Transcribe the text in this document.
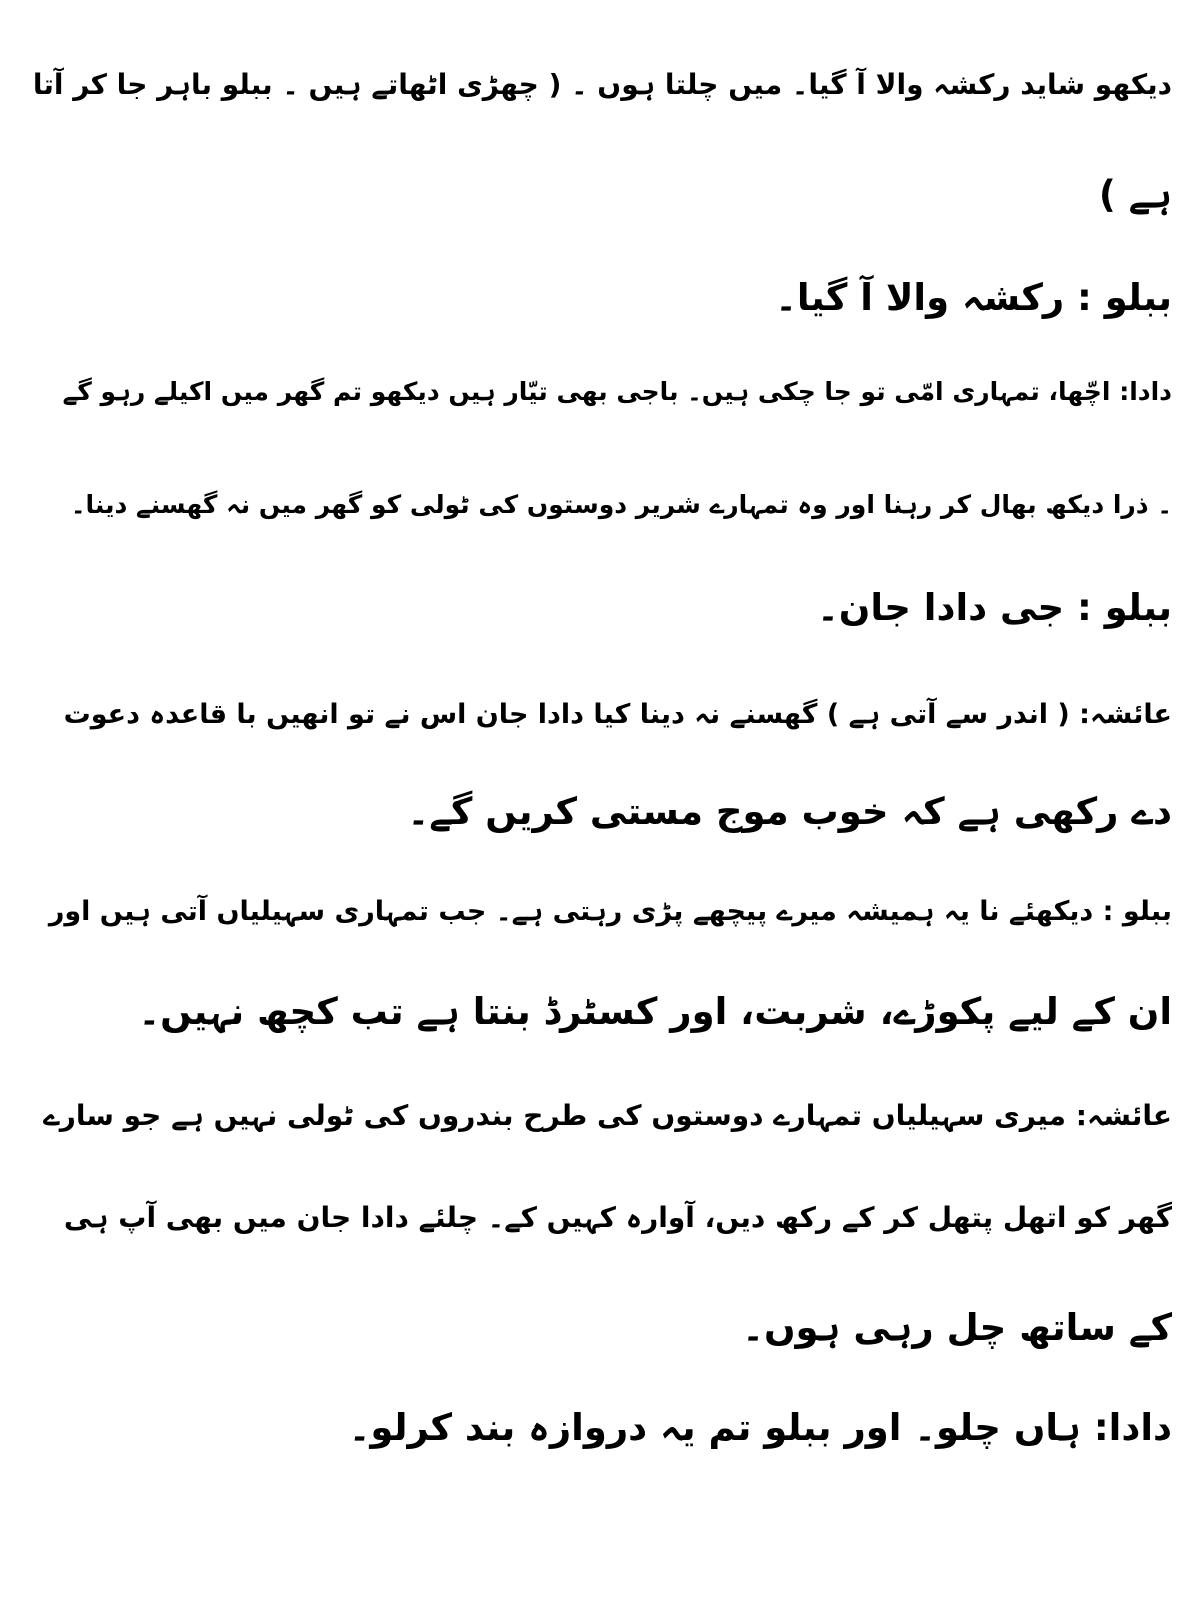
دیکھو شاید رکشہ والا آ گیا۔ میں چلتا ہوں ۔ ( چھڑی اٹھاتے ہیں ۔ ببلو باہر جا کر آتا
ہے )
ببلو : رکشہ والا آ گیا۔
دادا: اچّھا، تمہاری امّی تو جا چکی ہیں۔ باجی بھی تیّار ہیں دیکھو تم گھر میں اکیلے رہو گے
۔ ذرا دیکھ بھال کر رہنا اور وہ تمہارے شریر دوستوں کی ٹولی کو گھر میں نہ گھسنے دینا۔
ببلو : جی دادا جان۔
عائشہ: ( اندر سے آتی ہے ) گھسنے نہ دینا کیا دادا جان اس نے تو انھیں با قاعدہ دعوت
دے رکھی ہے کہ خوب موج مستی کریں گے۔
ببلو : دیکھئے نا یہ ہمیشہ میرے پیچھے پڑی رہتی ہے۔ جب تمہاری سہیلیاں آتی ہیں اور
ان کے لیے پکوڑے، شربت، اور کسٹرڈ بنتا ہے تب کچھ نہیں۔
عائشہ: میری سہیلیاں تمہارے دوستوں کی طرح بندروں کی ٹولی نہیں ہے جو سارے
گھر کو اتھل پتھل کر کے رکھ دیں، آوارہ کہیں کے۔ چلئے دادا جان میں بھی آپ ہی
کے ساتھ چل رہی ہوں۔
دادا: ہاں چلو۔ اور ببلو تم یہ دروازہ بند کرلو۔
